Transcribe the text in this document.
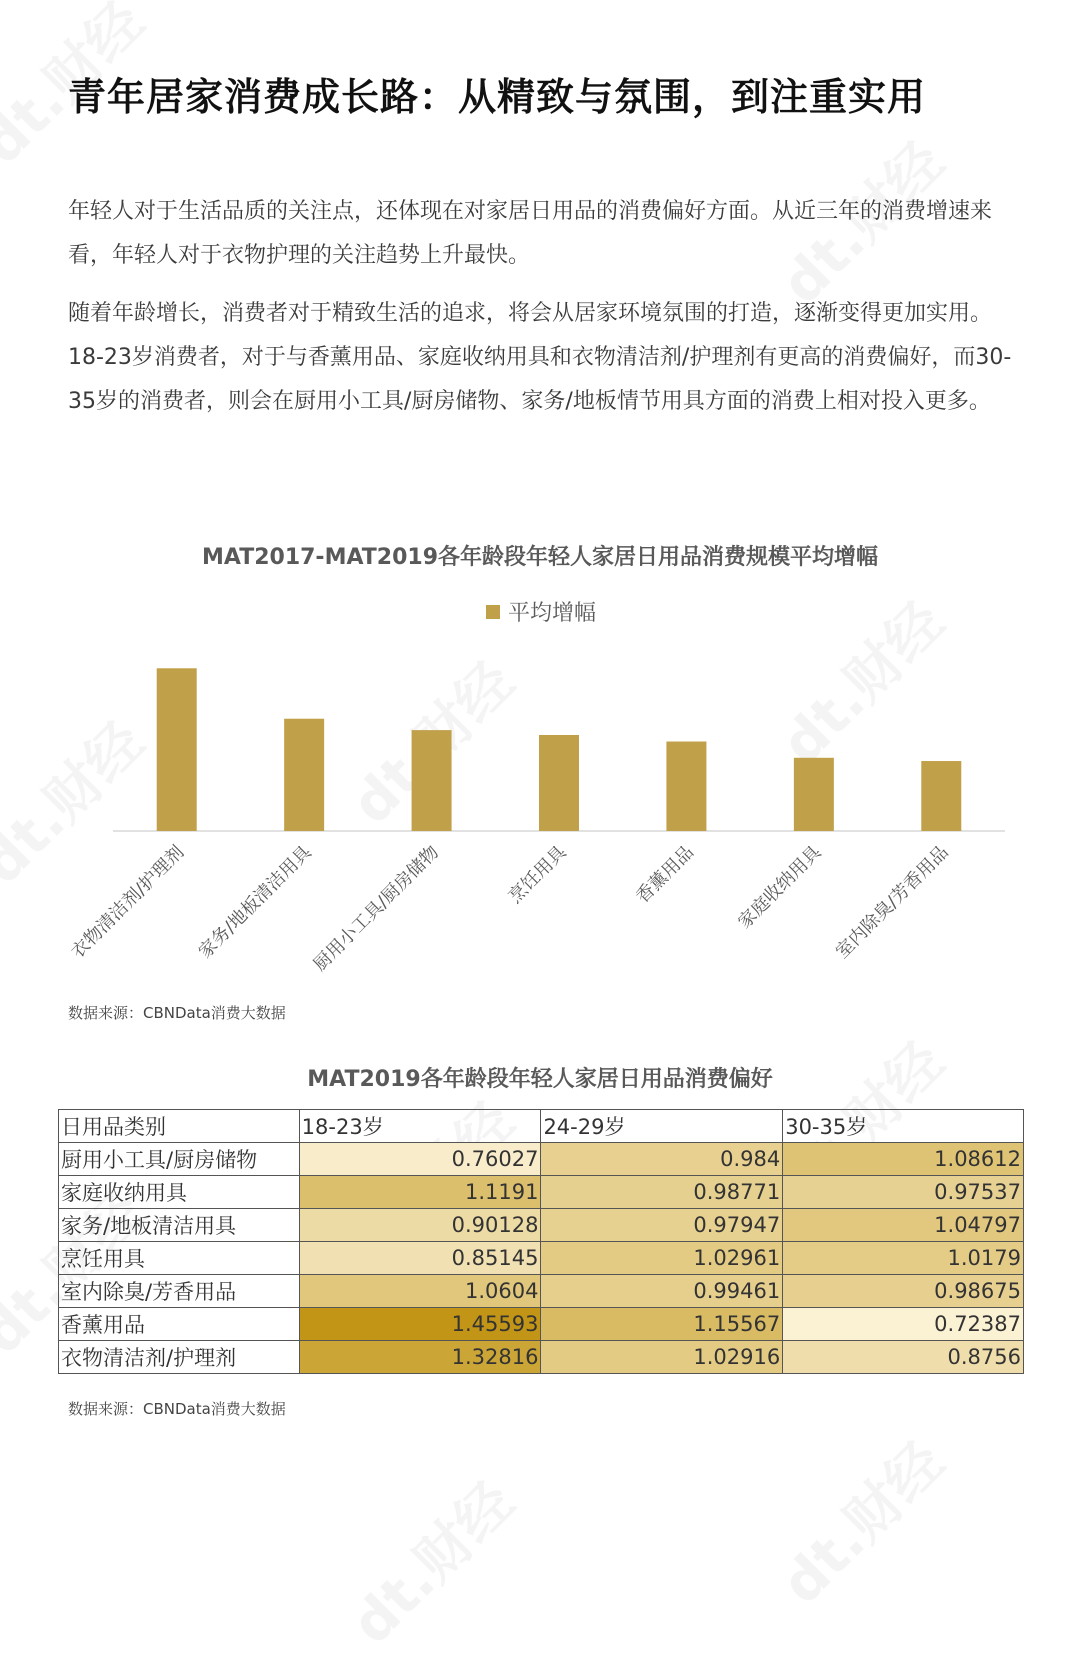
青年居家消费成长路：从精致与氛围，到注重实用

年轻人对于生活品质的关注点，还体现在对家居日用品的消费偏好方面。从近三年的消费增速来看，年轻人对于衣物护理的关注趋势上升最快。

随着年龄增长，消费者对于精致生活的追求，将会从居家环境氛围的打造，逐渐变得更加实用。18-23岁消费者，对于与香薰用品、家庭收纳用具和衣物清洁剂/护理剂有更高的消费偏好，而30-35岁的消费者，则会在厨用小工具/厨房储物、家务/地板情节用具方面的消费上相对投入更多。

MAT2017-MAT2019各年龄段年轻人家居日用品消费规模平均增幅
平均增幅
衣物清洁剂/护理剂 家务/地板清洁用具
厨用小工具/厨房储物	烹饪用具	香薰用品 家庭收纳用具 室内除臭/芳香用品
数据来源：CBNData消费大数据
MAT2019各年龄段年轻人家居日用品消费偏好
日用品类别	18-23岁	24-29岁	30-35岁
厨用小工具/厨房储物	0.76027	0.984	1.08612
家庭收纳用具	1.1191	0.98771	0.97537
家务/地板清洁用具	0.90128	0.97947	1.04797
烹饪用具	0.85145	1.02961	1.0179
室内除臭/芳香用品	1.0604	0.99461	0.98675
香薰用品	1.45593	1.15567	0.72387
衣物清洁剂/护理剂	1.32816	1.02916	0.8756
数据来源：CBNData消费大数据
